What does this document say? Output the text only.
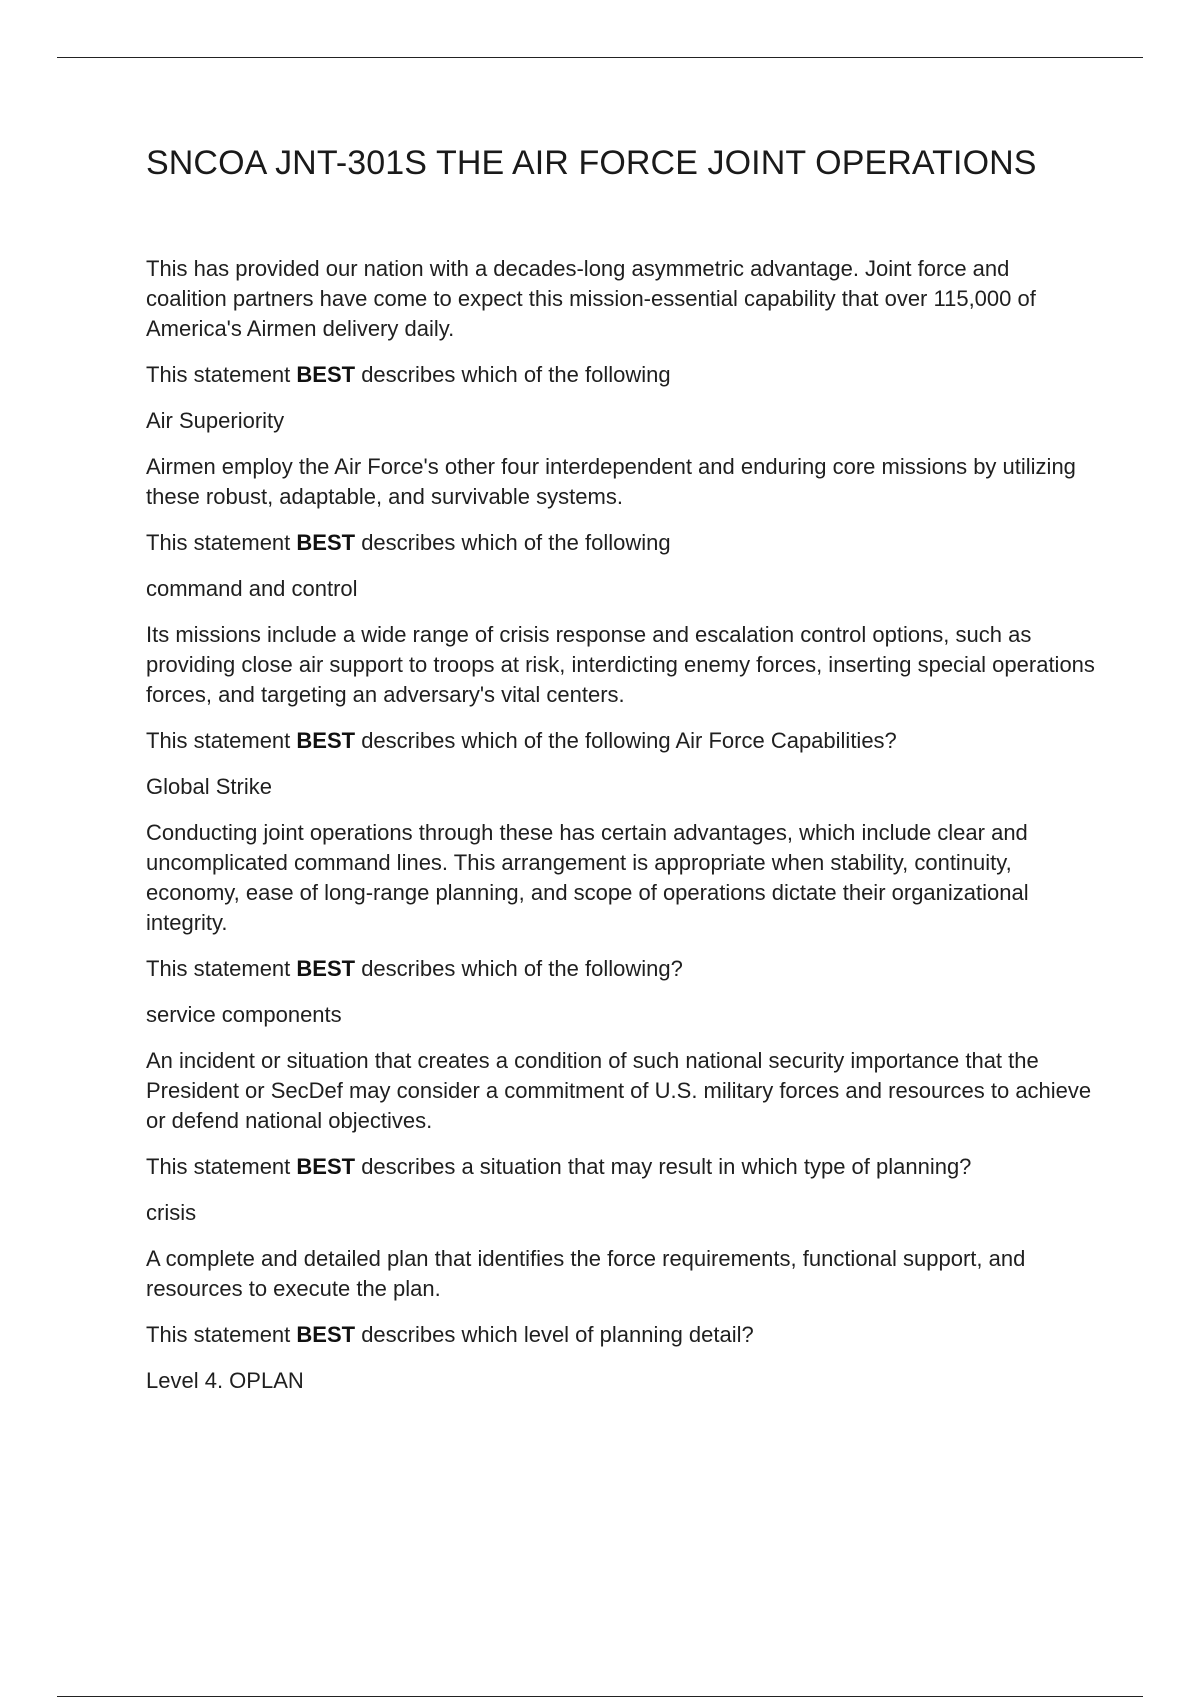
SNCOA JNT-301S THE AIR FORCE JOINT OPERATIONS

This has provided our nation with a decades-long asymmetric advantage. Joint force and coalition partners have come to expect this mission-essential capability that over 115,000 of America's Airmen delivery daily.

This statement BEST describes which of the following

Air Superiority

Airmen employ the Air Force's other four interdependent and enduring core missions by utilizing these robust, adaptable, and survivable systems.

This statement BEST describes which of the following

command and control

Its missions include a wide range of crisis response and escalation control options, such as providing close air support to troops at risk, interdicting enemy forces, inserting special operations forces, and targeting an adversary's vital centers.

This statement BEST describes which of the following Air Force Capabilities?

Global Strike

Conducting joint operations through these has certain advantages, which include clear and uncomplicated command lines. This arrangement is appropriate when stability, continuity, economy, ease of long-range planning, and scope of operations dictate their organizational integrity.

This statement BEST describes which of the following?

service components

An incident or situation that creates a condition of such national security importance that the President or SecDef may consider a commitment of U.S. military forces and resources to achieve or defend national objectives.

This statement BEST describes a situation that may result in which type of planning?

crisis

A complete and detailed plan that identifies the force requirements, functional support, and resources to execute the plan.

This statement BEST describes which level of planning detail?

Level 4. OPLAN
